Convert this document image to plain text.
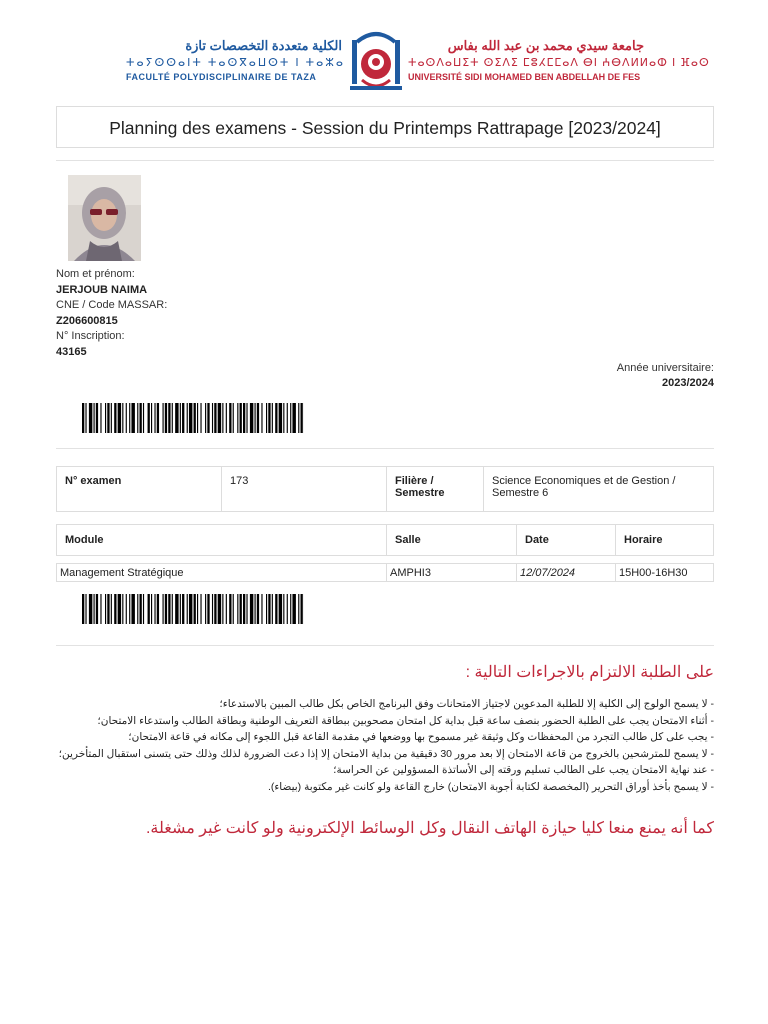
الكلية متعددة التخصصات تازة
ⵜⴰⵢⵙⵙⴰⵏⵜ ⵜⴰⵙⴳⴰⵡⵙⵜ ⵏ ⵜⴰⵣⴰ
FACULTÉ POLYDISCIPLINAIRE DE TAZA
جامعة سيدي محمد بن عبد الله بفاس
ⵜⴰⵙⴷⴰⵡⵉⵜ ⵙⵉⴷⵉ ⵎⵓⵃⵎⵎⴰⴷ ⴱⵏ ⵄⴱⴷⵍⵍⴰⵀ ⵏ ⴼⴰⵙ
UNIVERSITÉ SIDI MOHAMED BEN ABDELLAH DE FES
Planning des examens - Session du Printemps Rattrapage [2023/2024]
Nom et prénom:
JERJOUB NAIMA
CNE / Code MASSAR:
Z206600815
N° Inscription:
43165
Année universitaire:
2023/2024
N° examen	173	Filière /
Semestre	Science Economiques et de Gestion /
Semestre 6
Module	Salle	Date	Horaire
Management Stratégique	AMPHI3	12/07/2024	15H00-16H30
على الطلبة الالتزام بالاجراءات التالية :
- لا يسمح الولوج إلى الكلية إلا للطلبة المدعوين لاجتياز الامتحانات وفق البرنامج الخاص بكل طالب المبين بالاستدعاء؛
- أثناء الامتحان يجب على الطلبة الحضور بنصف ساعة قبل بداية كل امتحان مصحوبين ببطاقة التعريف الوطنية وبطاقة الطالب واستدعاء الامتحان؛
- يجب على كل طالب التجرد من المحفظات وكل وثيقة غير مسموح بها ووضعها في مقدمة القاعة قبل اللجوء إلى مكانه في قاعة الامتحان؛
- لا يسمح للمترشحين بالخروج من قاعة الامتحان إلا بعد مرور 30 دقيقية من بداية الامتحان إلا إذا دعت الضرورة لذلك وذلك حتى يتسنى استقبال المتأخرين؛
- عند نهاية الامتحان يجب على الطالب تسليم ورقته إلى الأساتذة المسؤولين عن الحراسة؛
- لا يسمح بأخذ أوراق التحرير (المخصصة لكتابة أجوبة الامتحان) خارج القاعة ولو كانت غير مكتوبة (بيضاء).
كما أنه يمنع منعا كليا حيازة الهاتف النقال وكل الوسائط الإلكترونية ولو كانت غير مشغلة.
